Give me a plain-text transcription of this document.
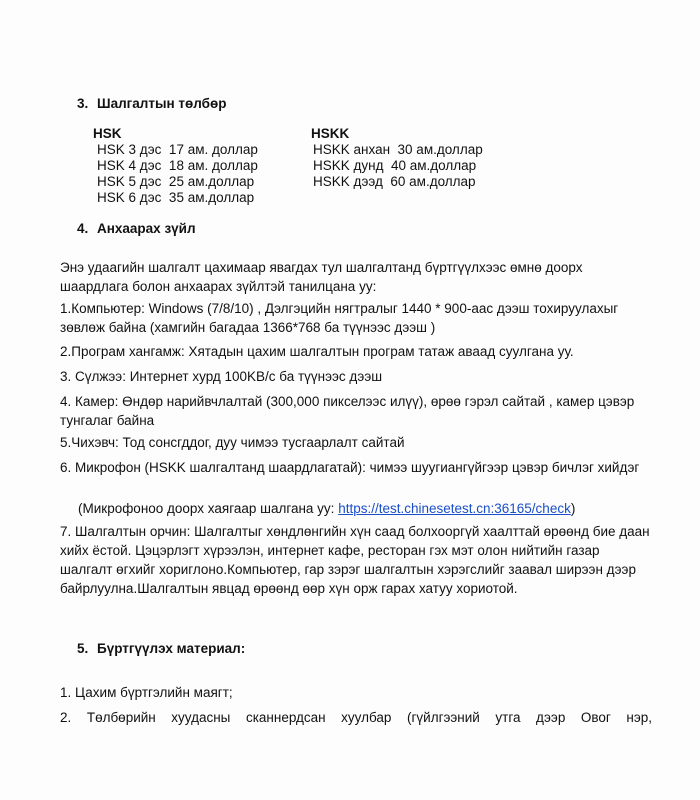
3. Шалгалтын төлбөр
HSK
HSK 3 дэс  17 ам. доллар
HSK 4 дэс  18 ам. доллар
HSK 5 дэс  25 ам.доллар
HSK 6 дэс  35 ам.доллар
HSKK
HSKK анхан  30 ам.доллар
HSKK дунд  40 ам.доллар
HSKK дээд  60 ам.доллар
4. Анхаарах зүйл
Энэ удаагийн шалгалт цахимаар явагдах тул шалгалтанд бүртгүүлхээс өмнө доорх шаардлага болон анхаарах зүйлтэй танилцана уу:
1.Компьютер: Windows (7/8/10) , Дэлгэцийн нягтралыг 1440 * 900-аас дээш тохируулахыг зөвлөж байна (хамгийн багадаа 1366*768 ба түүнээс дээш )
2.Програм хангамж: Хятадын цахим шалгалтын програм татаж аваад суулгана уу.
3. Сүлжээ: Интернет хурд 100KB/с ба түүнээс дээш
4. Камер: Өндөр нарийвчлалтай (300,000 пикселээс илүү), өрөө гэрэл сайтай , камер цэвэр тунгалаг байна
5.Чихэвч: Тод сонсгддог, дуу чимээ тусгаарлалт сайтай
6. Микрофон (HSKK шалгалтанд шаардлагатай): чимээ шуугиангүйгээр цэвэр бичлэг хийдэг
(Микрофоноо доорх хаягаар шалгана уу: https://test.chinesetest.cn:36165/check)
7. Шалгалтын орчин: Шалгалтыг хөндлөнгийн хүн саад болхооргүй хаалттай өрөөнд бие даан хийх ёстой. Цэцэрлэгт хүрээлэн, интернет кафе, ресторан гэх мэт олон нийтийн газар шалгалт өгхийг хориглоно.Компьютер, гар зэрэг шалгалтын хэрэгслийг заавал ширээн дээр байрлуулна.Шалгалтын явцад өрөөнд өөр хүн орж гарах хатуу хориотой.
5. Бүртгүүлэх материал:
1. Цахим бүртгэлийн маягт;
2. Төлбөрийн хуудасны сканнердсан хуулбар (гүйлгээний утга дээр Овог нэр,
